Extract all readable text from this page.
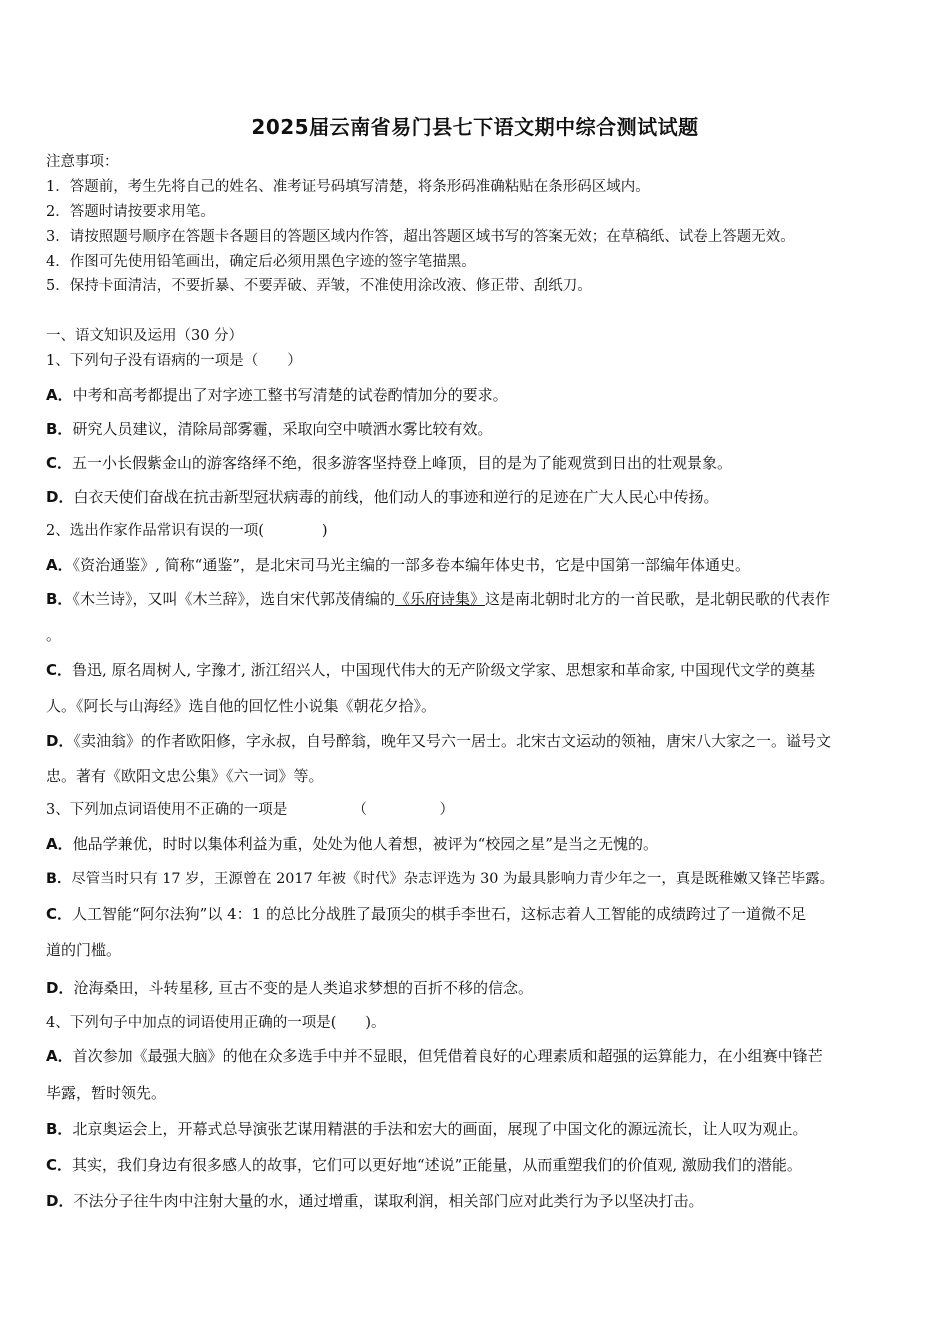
2025届云南省易门县七下语文期中综合测试试题
注意事项：
1．答题前，考生先将自己的姓名、准考证号码填写清楚，将条形码准确粘贴在条形码区域内。
2．答题时请按要求用笔。
3．请按照题号顺序在答题卡各题目的答题区域内作答，超出答题区域书写的答案无效；在草稿纸、试卷上答题无效。
4．作图可先使用铅笔画出，确定后必须用黑色字迹的签字笔描黑。
5．保持卡面清洁，不要折暴、不要弄破、弄皱，不准使用涂改液、修正带、刮纸刀。
一、语文知识及运用（30 分）
1、下列句子没有语病的一项是（　　）
A．中考和高考都提出了对字迹工整书写清楚的试卷酌情加分的要求。
B．研究人员建议，清除局部雾霾，采取向空中喷洒水雾比较有效。
C．五一小长假紫金山的游客络绎不绝，很多游客坚持登上峰顶，目的是为了能观赏到日出的壮观景象。
D．白衣天使们奋战在抗击新型冠状病毒的前线，他们动人的事迹和逆行的足迹在广大人民心中传扬。
2、选出作家作品常识有误的一项(　　　　)
A．《资治通鉴》, 简称“通鉴”，是北宋司马光主编的一部多卷本编年体史书，它是中国第一部编年体通史。
B．《木兰诗》，又叫《木兰辞》，选自宋代郭茂倩编的《乐府诗集》这是南北朝时北方的一首民歌，是北朝民歌的代表作
。
C．鲁迅, 原名周树人, 字豫才, 浙江绍兴人，中国现代伟大的无产阶级文学家、思想家和革命家, 中国现代文学的奠基
人。《阿长与山海经》选自他的回忆性小说集《朝花夕拾》。
D．《卖油翁》的作者欧阳修，字永叔，自号醉翁，晚年又号六一居士。北宋古文运动的领袖，唐宋八大家之一。谥号文
忠。著有《欧阳文忠公集》《六一词》等。
3、下列加点词语使用不正确的一项是　　　　　（　　　　　）
A．他品学兼优，时时以集体利益为重，处处为他人着想，被评为“校园之星”是当之无愧的。
B．尽管当时只有 17 岁，王源曾在 2017 年被《时代》杂志评选为 30 为最具影响力青少年之一，真是既稚嫩又锋芒毕露。
C．人工智能“阿尔法狗”以 4：1 的总比分战胜了最顶尖的棋手李世石，这标志着人工智能的成绩跨过了一道微不足
道的门槛。
D．沧海桑田，斗转星移, 亘古不变的是人类追求梦想的百折不移的信念。
4、下列句子中加点的词语使用正确的一项是(　　)。
A．首次参加《最强大脑》的他在众多选手中并不显眼，但凭借着良好的心理素质和超强的运算能力，在小组赛中锋芒
毕露，暂时领先。
B．北京奥运会上，开幕式总导演张艺谋用精湛的手法和宏大的画面，展现了中国文化的源远流长，让人叹为观止。
C．其实，我们身边有很多感人的故事，它们可以更好地“述说”正能量，从而重塑我们的价值观, 激励我们的潜能。
D．不法分子往牛肉中注射大量的水，通过增重，谋取利润，相关部门应对此类行为予以坚决打击。
